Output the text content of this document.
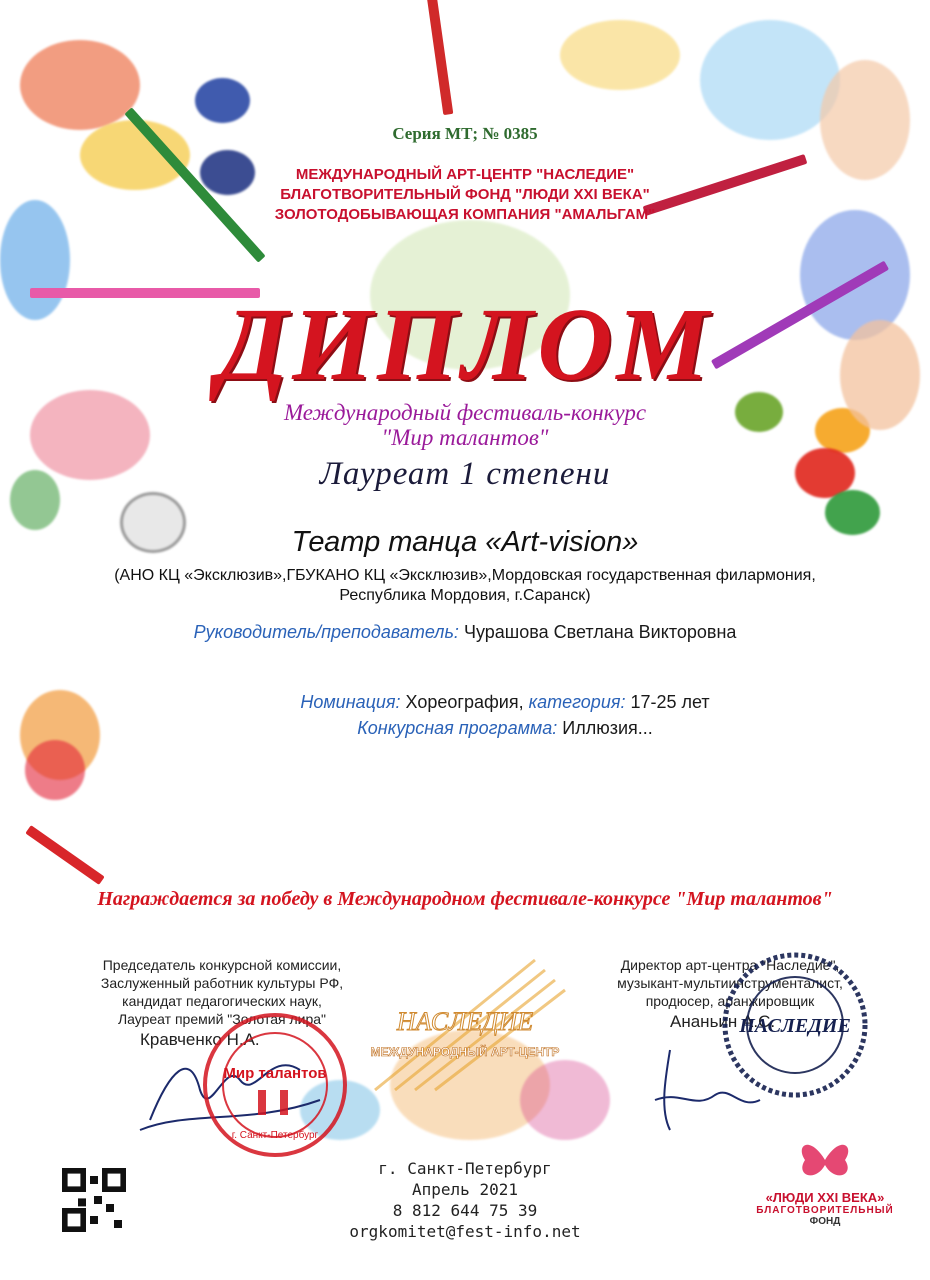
Серия МТ; № 0385
МЕЖДУНАРОДНЫЙ АРТ-ЦЕНТР "НАСЛЕДИЕ"
БЛАГОТВОРИТЕЛЬНЫЙ ФОНД "ЛЮДИ XXI ВЕКА"
ЗОЛОТОДОБЫВАЮЩАЯ КОМПАНИЯ "АМАЛЬГАМ"
ДИПЛОМ
Международный фестиваль-конкурс
"Мир талантов"
Лауреат 1 степени
Театр танца «Art-vision»
(АНО КЦ «Эксклюзив»,ГБУКАНО КЦ «Эксклюзив»,Мордовская государственная филармония,
Республика Мордовия, г.Саранск)
Руководитель/преподаватель: Чурашова Светлана Викторовна
Номинация: Хореография, категория: 17-25 лет
Конкурсная программа: Иллюзия...
Награждается за победу в Международном фестивале-конкурсе "Мир талантов"
Председатель конкурсной комиссии,
Заслуженный работник культуры РФ,
кандидат педагогических наук,
Лауреат премий "Золотая лира"
Кравченко Н.А.
Директор арт-центра "Наследие",
музыкант-мультиинструменталист,
продюсер, аранжировщик
Ананьин А.С.
Мир талантов
г. Санкт-Петербург
НАСЛЕДИЕ
НАСЛЕДИЕ
МЕЖДУНАРОДНЫЙ АРТ-ЦЕНТР
г. Санкт-Петербург
Апрель 2021
8 812 644 75 39
orgkomitet@fest-info.net
«ЛЮДИ XXI ВЕКА»
БЛАГОТВОРИТЕЛЬНЫЙ
ФОНД
